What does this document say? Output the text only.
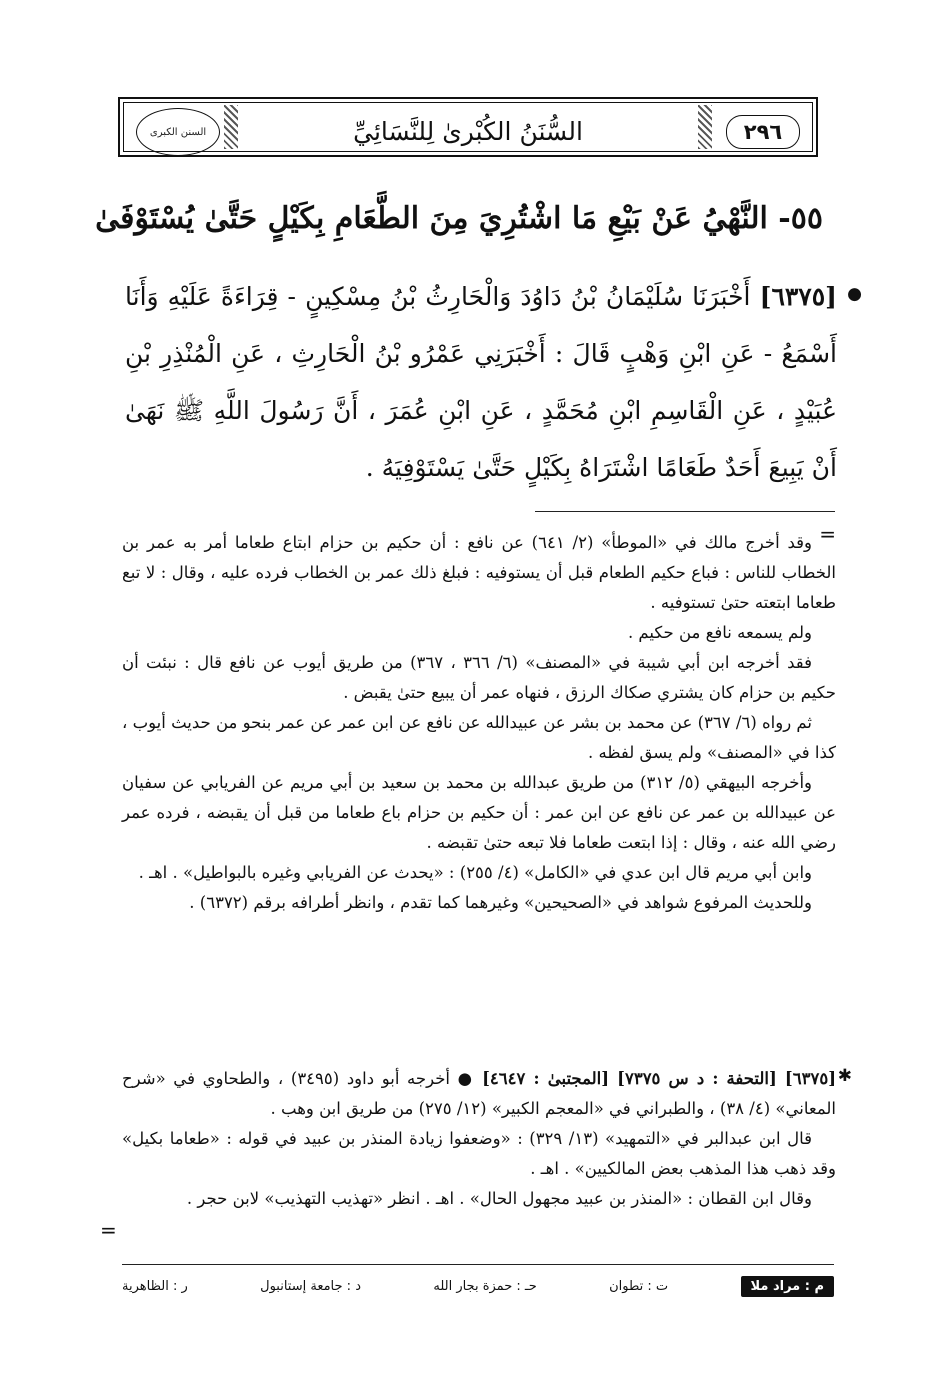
السنن الكبرى	السُّنَنُ الكُبْرىٰ لِلنَّسَائِيِّ	٢٩٦
٥٥- النَّهْيُ عَنْ بَيْعِ مَا اشْتُرِيَ مِنَ الطَّعَامِ بِكَيْلٍ حَتَّىٰ يُسْتَوْفَىٰ
●
[٦٣٧٥] أَخْبَرَنَا سُلَيْمَانُ بْنُ دَاوُدَ وَالْحَارِثُ بْنُ مِسْكِينٍ - قِرَاءَةً عَلَيْهِ وَأَنَا أَسْمَعُ - عَنِ ابْنِ وَهْبٍ قَالَ : أَخْبَرَنِي عَمْرُو بْنُ الْحَارِثِ ، عَنِ الْمُنْذِرِ بْنِ عُبَيْدٍ ، عَنِ الْقَاسِمِ ابْنِ مُحَمَّدٍ ، عَنِ ابْنِ عُمَرَ ، أَنَّ رَسُولَ اللَّهِ ﷺ نَهَىٰ أَنْ يَبِيعَ أَحَدٌ طَعَامًا اشْتَرَاهُ بِكَيْلٍ حَتَّىٰ يَسْتَوْفِيَهُ .
=

وقد أخرج مالك في «الموطأ» (٢/ ٦٤١) عن نافع : أن حكيم بن حزام ابتاع طعاما أمر به عمر بن الخطاب للناس : فباع حكيم الطعام قبل أن يستوفيه : فبلغ ذلك عمر بن الخطاب فرده عليه ، وقال : لا تبع طعاما ابتعته حتىٰ تستوفيه .

ولم يسمعه نافع من حكيم .

فقد أخرجه ابن أبي شيبة في «المصنف» (٦/ ٣٦٦ ، ٣٦٧) من طريق أيوب عن نافع قال : نبئت أن حكيم بن حزام كان يشتري صكاك الرزق ، فنهاه عمر أن يبيع حتىٰ يقبض .

ثم رواه (٦/ ٣٦٧) عن محمد بن بشر عن عبيدالله عن نافع عن ابن عمر عن عمر بنحو من حديث أيوب ، كذا في «المصنف» ولم يسق لفظه .

وأخرجه البيهقي (٥/ ٣١٢) من طريق عبدالله بن محمد بن سعيد بن أبي مريم عن الفريابي عن سفيان عن عبيدالله بن عمر عن نافع عن ابن عمر : أن حكيم بن حزام باع طعاما من قبل أن يقبضه ، فرده عمر رضي الله عنه ، وقال : إذا ابتعت طعاما فلا تبعه حتىٰ تقبضه .

وابن أبي مريم قال ابن عدي في «الكامل» (٤/ ٢٥٥) : «يحدث عن الفريابي وغيره بالبواطيل» . اهـ .

وللحديث المرفوع شواهد في «الصحيحين» وغيرهما كما تقدم ، وانظر أطرافه برقم (٦٣٧٢) .

✱

[٦٣٧٥] [التحفة : د س ٧٣٧٥] [المجتبىٰ : ٤٦٤٧] ● أخرجه أبو داود (٣٤٩٥) ، والطحاوي في «شرح المعاني» (٤/ ٣٨) ، والطبراني في «المعجم الكبير» (١٢/ ٢٧٥) من طريق ابن وهب .

قال ابن عبدالبر في «التمهيد» (١٣/ ٣٢٩) : «وضعفوا زيادة المنذر بن عبيد في قوله : «طعاما بكيل» وقد ذهب هذا المذهب بعض المالكيين» . اهـ .

وقال ابن القطان : «المنذر بن عبيد مجهول الحال» . اهـ . انظر «تهذيب التهذيب» لابن حجر .

=
م : مراد ملا
ت : تطوان
حـ : حمزة بجار الله
د : جامعة إستانبول
ر : الظاهرية
